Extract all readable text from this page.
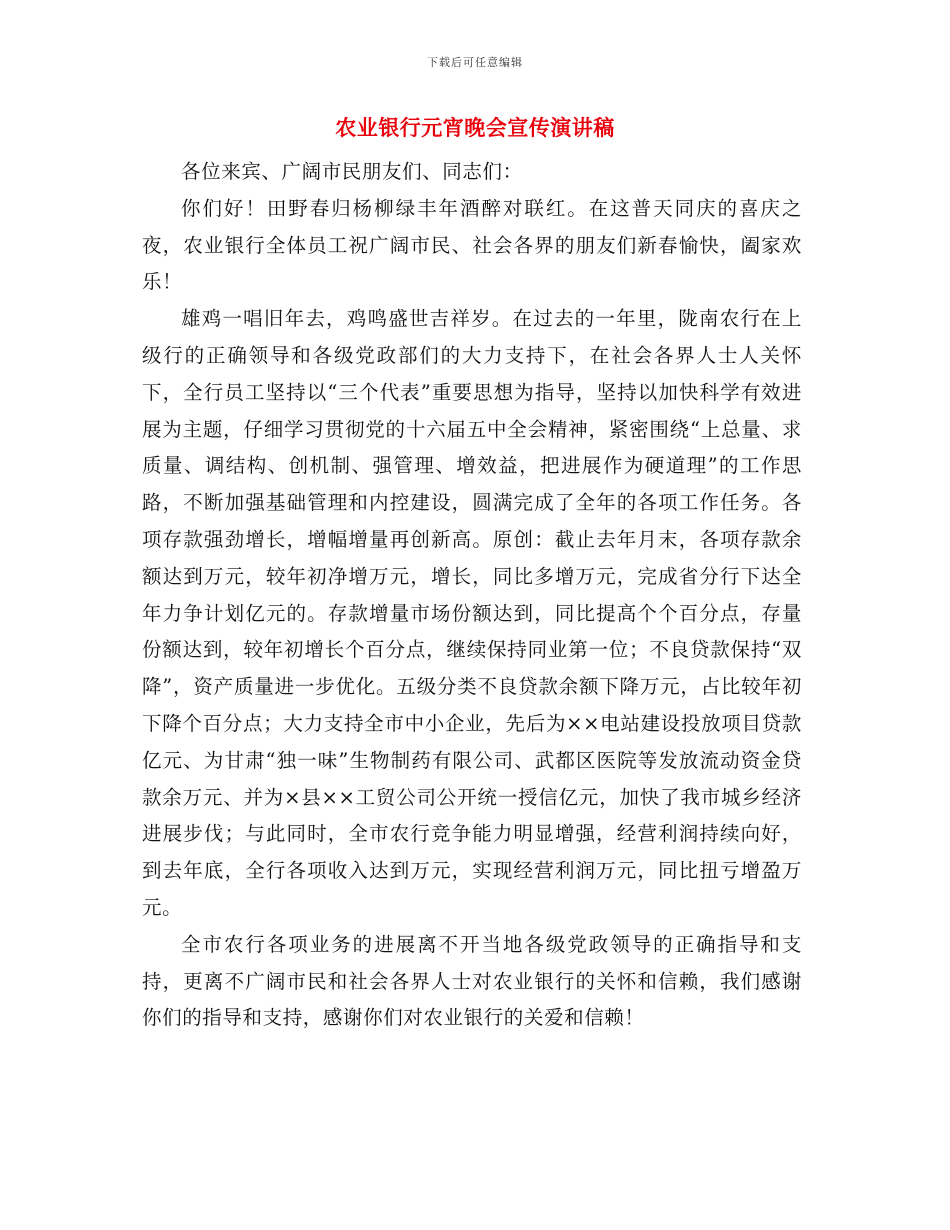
下载后可任意编辑
农业银行元宵晚会宣传演讲稿

各位来宾、广阔市民朋友们、同志们：

你们好！田野春归杨柳绿丰年酒醉对联红。在这普天同庆的喜庆之夜，农业银行全体员工祝广阔市民、社会各界的朋友们新春愉快，阖家欢乐！

雄鸡一唱旧年去，鸡鸣盛世吉祥岁。在过去的一年里，陇南农行在上级行的正确领导和各级党政部们的大力支持下，在社会各界人士人关怀下，全行员工坚持以“三个代表”重要思想为指导，坚持以加快科学有效进展为主题，仔细学习贯彻党的十六届五中全会精神，紧密围绕“上总量、求质量、调结构、创机制、强管理、增效益，把进展作为硬道理”的工作思路，不断加强基础管理和内控建设，圆满完成了全年的各项工作任务。各项存款强劲增长，增幅增量再创新高。原创：截止去年月末，各项存款余额达到万元，较年初净增万元，增长，同比多增万元，完成省分行下达全年力争计划亿元的。存款增量市场份额达到，同比提高个个百分点，存量份额达到，较年初增长个百分点，继续保持同业第一位；不良贷款保持“双降”，资产质量进一步优化。五级分类不良贷款余额下降万元，占比较年初下降个百分点；大力支持全市中小企业，先后为××电站建设投放项目贷款亿元、为甘肃“独一味”生物制药有限公司、武都区医院等发放流动资金贷款余万元、并为×县××工贸公司公开统一授信亿元，加快了我市城乡经济进展步伐；与此同时，全市农行竞争能力明显增强，经营利润持续向好，到去年底，全行各项收入达到万元，实现经营利润万元，同比扭亏增盈万元。

全市农行各项业务的进展离不开当地各级党政领导的正确指导和支持，更离不广阔市民和社会各界人士对农业银行的关怀和信赖，我们感谢你们的指导和支持，感谢你们对农业银行的关爱和信赖！
